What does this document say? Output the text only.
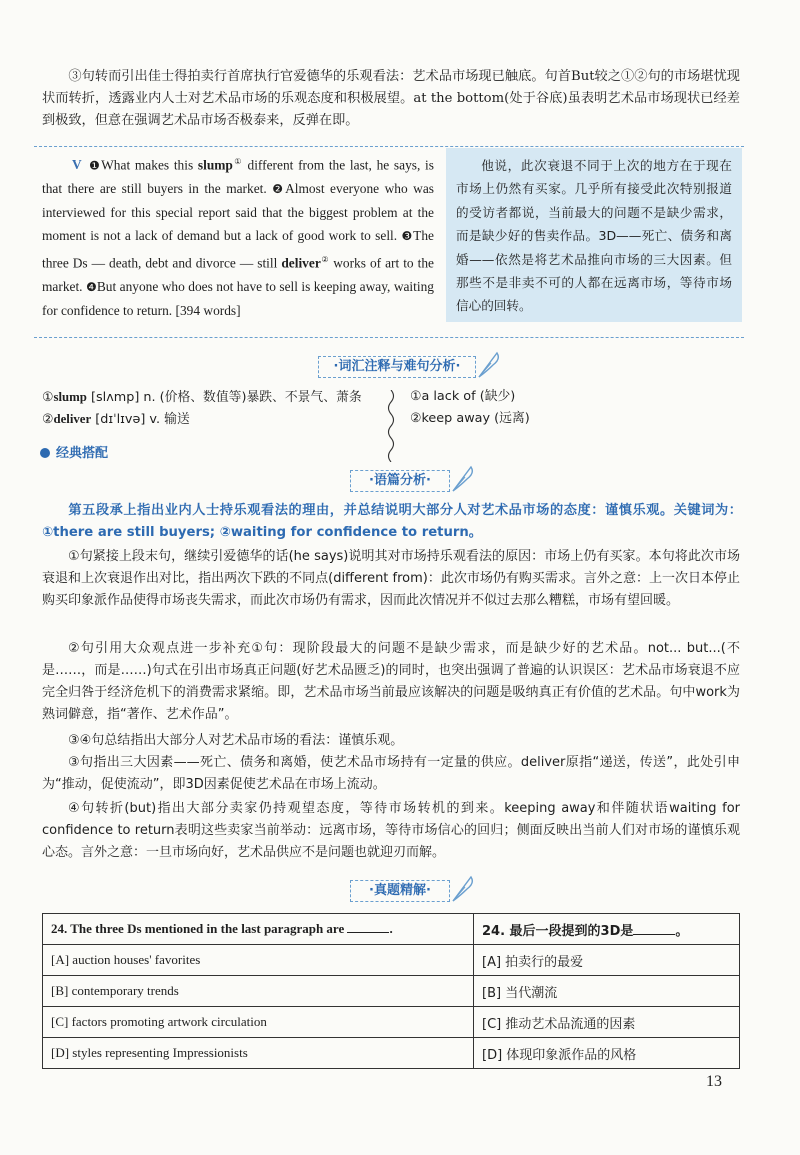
③句转而引出佳士得拍卖行首席执行官爱德华的乐观看法：艺术品市场现已触底。句首But较之①②句的市场堪忧现状而转折，透露业内人士对艺术品市场的乐观态度和积极展望。at the bottom(处于谷底)虽表明艺术品市场现状已经差到极致，但意在强调艺术品市场否极泰来，反弹在即。
V ❶What makes this slump① different from the last, he says, is that there are still buyers in the market. ❷Almost everyone who was interviewed for this special report said that the biggest problem at the moment is not a lack of demand but a lack of good work to sell. ❸The three Ds — death, debt and divorce — still deliver② works of art to the market. ❹But anyone who does not have to sell is keeping away, waiting for confidence to return. [394 words]
他说，此次衰退不同于上次的地方在于现在市场上仍然有买家。几乎所有接受此次特别报道的受访者都说，当前最大的问题不是缺少需求，而是缺少好的售卖作品。3D——死亡、债务和离婚——依然是将艺术品推向市场的三大因素。但那些不是非卖不可的人都在远离市场，等待市场信心的回转。
·词汇注释与难句分析·
①slump [slʌmp] n. (价格、数值等)暴跌、不景气、萧条
②deliver [dɪˈlɪvə] v. 输送
①a lack of (缺少)
②keep away (远离)
经典搭配
·语篇分析·
第五段承上指出业内人士持乐观看法的理由，并总结说明大部分人对艺术品市场的态度：谨慎乐观。关键词为：①there are still buyers; ②waiting for confidence to return。
①句紧接上段末句，继续引爱德华的话(he says)说明其对市场持乐观看法的原因：市场上仍有买家。本句将此次市场衰退和上次衰退作出对比，指出两次下跌的不同点(different from)：此次市场仍有购买需求。言外之意：上一次日本停止购买印象派作品使得市场丧失需求，而此次市场仍有需求，因而此次情况并不似过去那么糟糕，市场有望回暖。
②句引用大众观点进一步补充①句：现阶段最大的问题不是缺少需求，而是缺少好的艺术品。not... but...(不是……，而是……)句式在引出市场真正问题(好艺术品匮乏)的同时，也突出强调了普遍的认识误区：艺术品市场衰退不应完全归咎于经济危机下的消费需求紧缩。即，艺术品市场当前最应该解决的问题是吸纳真正有价值的艺术品。句中work为熟词僻意，指“著作、艺术作品”。
③④句总结指出大部分人对艺术品市场的看法：谨慎乐观。
③句指出三大因素——死亡、债务和离婚，使艺术品市场持有一定量的供应。deliver原指“递送，传送”，此处引申为“推动，促使流动”，即3D因素促使艺术品在市场上流动。
④句转折(but)指出大部分卖家仍持观望态度，等待市场转机的到来。keeping away和伴随状语waiting for confidence to return表明这些卖家当前举动：远离市场，等待市场信心的回归；侧面反映出当前人们对市场的谨慎乐观心态。言外之意：一旦市场向好，艺术品供应不是问题也就迎刃而解。
·真题精解·
24. The three Ds mentioned in the last paragraph are .	24. 最后一段提到的3D是 。
[A] auction houses' favorites	[A] 拍卖行的最爱
[B] contemporary trends	[B] 当代潮流
[C] factors promoting artwork circulation	[C] 推动艺术品流通的因素
[D] styles representing Impressionists	[D] 体现印象派作品的风格
13
